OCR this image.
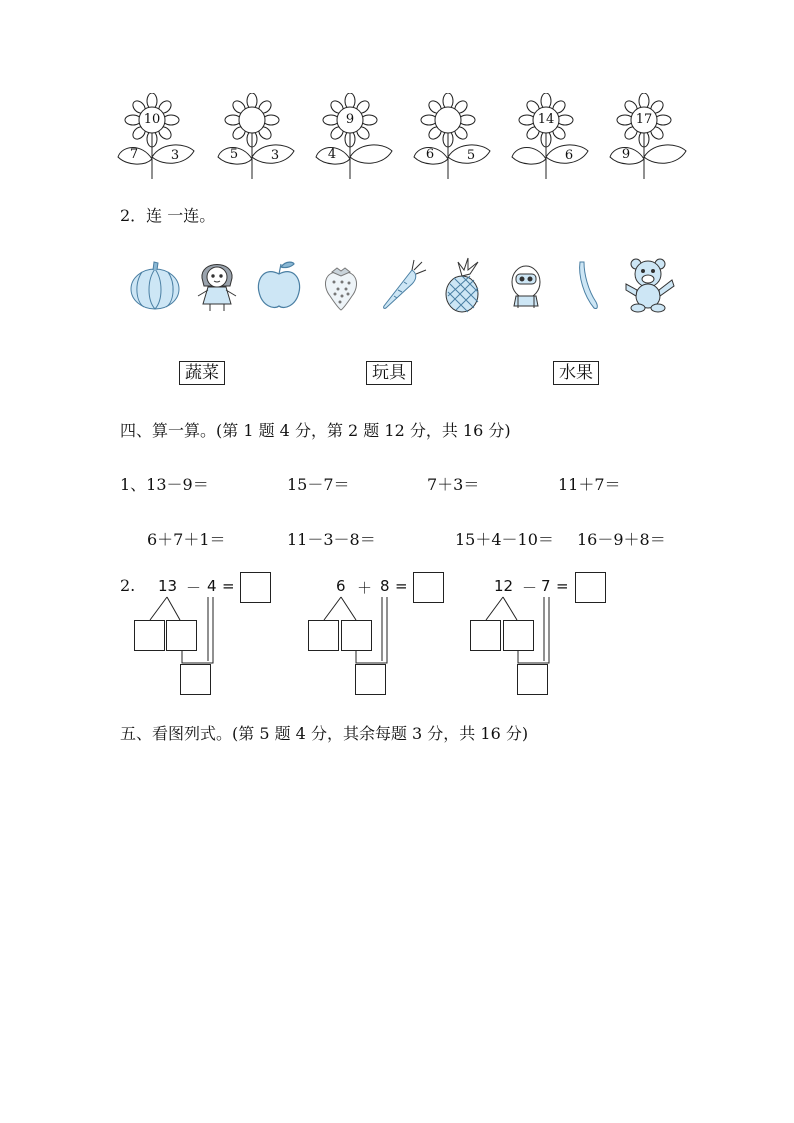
10
7	3	5	3
9
4	6	5
14
6
17
9
2．连 一连。
蔬菜	玩具	水果
四、算一算。(第 1 题 4 分，第 2 题 12 分，共 16 分)
1、13－9＝	15－7＝	7＋3＝	11＋7＝
6＋7＋1＝	11－3－8＝	15＋4－10＝ 16－9＋8＝
2. 13 － 4 =	6 ＋ 8 =	12 － 7 =
五、看图列式。(第 5 题 4 分，其余每题 3 分，共 16 分)
